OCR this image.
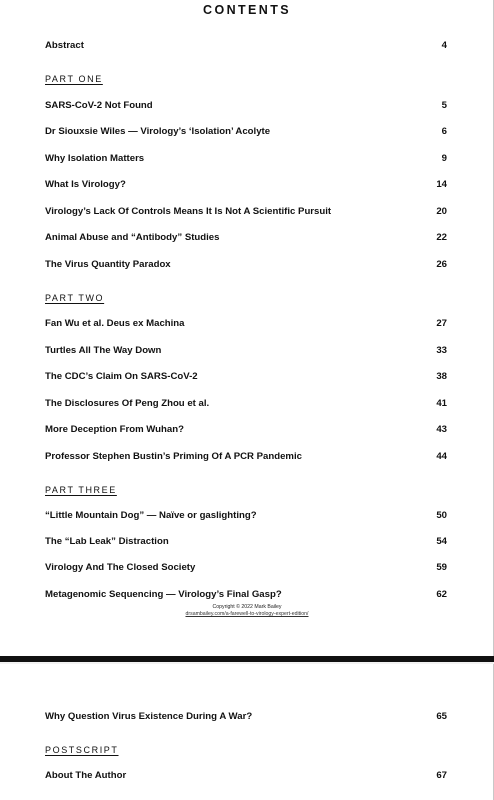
CONTENTS
Abstract	4
PART ONE
SARS-CoV-2 Not Found	5
Dr Siouxsie Wiles — Virology’s ‘Isolation’ Acolyte	6
Why Isolation Matters	9
What Is Virology?	14
Virology’s Lack Of Controls Means It Is Not A Scientific Pursuit	20
Animal Abuse and “Antibody” Studies	22
The Virus Quantity Paradox	26
PART TWO
Fan Wu et al. Deus ex Machina	27
Turtles All The Way Down	33
The CDC’s Claim On SARS-CoV-2	38
The Disclosures Of Peng Zhou et al.	41
More Deception From Wuhan?	43
Professor Stephen Bustin’s Priming Of A PCR Pandemic	44
PART THREE
“Little Mountain Dog” — Naïve or gaslighting?	50
The “Lab Leak” Distraction	54
Virology And The Closed Society	59
Metagenomic Sequencing — Virology’s Final Gasp?	62
Copyright © 2022 Mark Bailey
drsambailey.com/a-farewell-to-virology-expert-edition/
Why Question Virus Existence During A War?	65
POSTSCRIPT
About The Author	67
